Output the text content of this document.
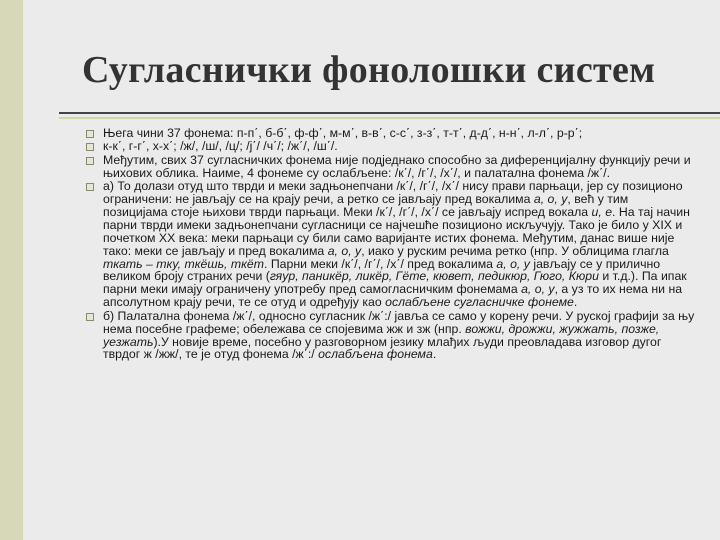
Сугласнички фонолошки систем
Њега чини 37 фонема: п-п΄, б-б΄, ф-ф΄, м-м΄, в-в΄, с-с΄, з-з΄, т-т΄, д-д΄, н-н΄, л-л΄, р-р΄;
к-к΄, г-г΄, х-х΄; /ж/, /ш/, /ц/; /ј΄/ /ч΄/; /ж΄/, /ш΄/.
Међутим, свих 37 сугласничких фонема није подједнако способно за диференцијалну функцију речи и њихових облика. Наиме, 4 фонеме су ослабљене: /к΄/, /г΄/, /х΄/, и палатална фонема /ж΄/.
а) То долази отуд што тврди и меки задњонепчани /к΄/, /г΄/, /х΄/ нису прави парњаци, јер су позиционо ограничени: не јављају се на крају речи, а ретко се јављају пред вокалима а, о, у, већ у тим позицијама стоје њихови тврди парњаци. Меки /к΄/, /г΄/, /х΄/ се јављају испред вокала и, е. На тај начин парни тврди имеки задњонепчани сугласници се најчешће позиционо искључују. Тако је било у XIX и почетком XX века: меки парњаци су били само варијанте истих фонема. Међутим, данас више није тако: меки се јављају и пред вокалима а, о, у, иако у руским речима ретко (нпр. У облицима глагла ткать – тку, ткёшь, ткёт. Парни меки /к΄/, /г΄/, /х΄/ пред вокалима а, о, у јављају се у прилично великом броју страних речи (гяур, паникёр, ликёр, Гёте, кювет, педикюр, Гюго, Кюри и т.д.). Па ипак парни меки имају ограничену употребу пред самогласничким фонемама а, о, у, а уз то их нема ни на апсолутном крају речи, те се отуд и одређују као ослабљене сугласничке фонеме.
б) Палатална фонема /ж΄/, односно сугласник /ж΄:/ јавља се само у корену речи. У руској графији за њу нема посебне графеме; обележава се спојевима жж и зж (нпр. вожжи, дрожжи, жужжать, позже, уезжать).У новије време, посебно у разговорном језику млађих људи преовладава изговор дугог тврдог ж /жж/, те је отуд фонема /ж΄:/ ослабљена фонема.
